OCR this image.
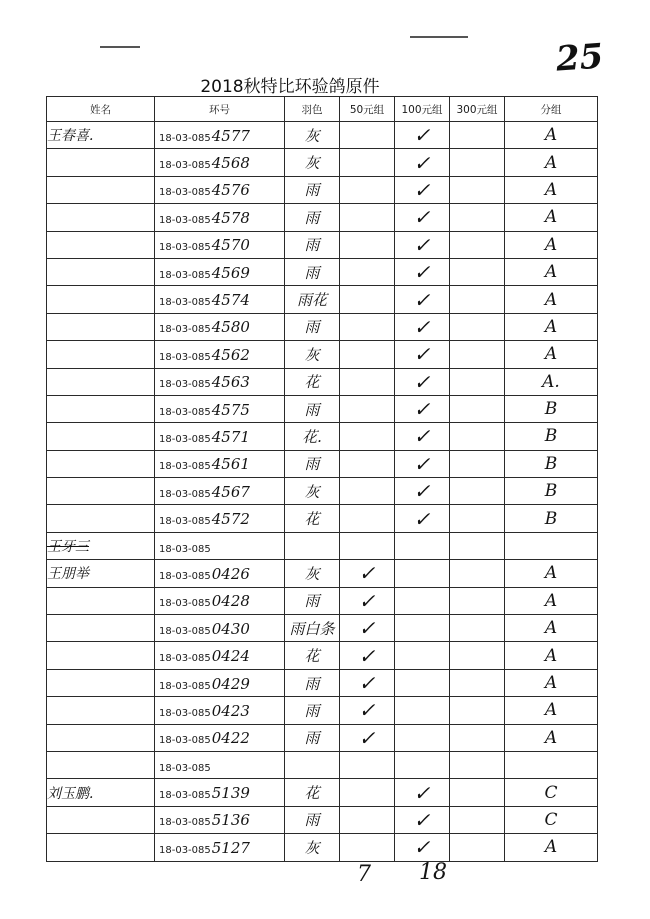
25
2018秋特比环验鸽原件
姓名	环号	羽色	50元组	100元组	300元组	分组
王春喜.	18-03-0854577	灰		✓		A
	18-03-0854568	灰		✓		A
	18-03-0854576	雨		✓		A
	18-03-0854578	雨		✓		A
	18-03-0854570	雨		✓		A
	18-03-0854569	雨		✓		A
	18-03-0854574	雨花		✓		A
	18-03-0854580	雨		✓		A
	18-03-0854562	灰		✓		A
	18-03-0854563	花		✓		A.
	18-03-0854575	雨		✓		B
	18-03-0854571	花.		✓		B
	18-03-0854561	雨		✓		B
	18-03-0854567	灰		✓		B
	18-03-0854572	花		✓		B
王牙三	18-03-085					
王朋举	18-03-0850426	灰	✓			A
	18-03-0850428	雨	✓			A
	18-03-0850430	雨白条	✓			A
	18-03-0850424	花	✓			A
	18-03-0850429	雨	✓			A
	18-03-0850423	雨	✓			A
	18-03-0850422	雨	✓			A
	18-03-085					
刘玉鹏.	18-03-0855139	花		✓		C
	18-03-0855136	雨		✓		C
	18-03-0855127	灰		✓		A
7 18
